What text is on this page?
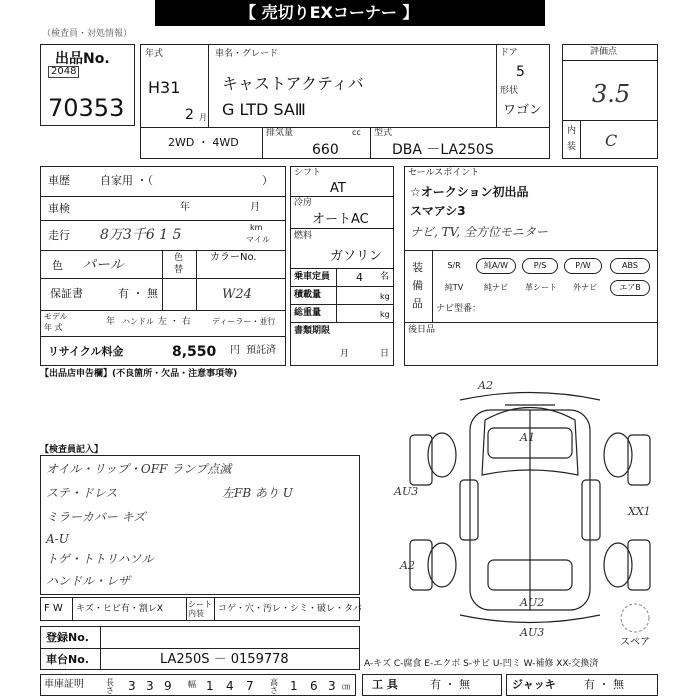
【 売切りEXコーナー 】
（検査員・対処情報）
出品No.
2048
70353
年式
H31
2 月
車名・グレード
キャストアクティバ
G LTD SAⅢ
ドア
5
形状
ワゴン
2WD ・ 4WD
排気量	cc
660
型式
DBA －LA250S
評価点
3.5
内
装 C
車歴	自家用 ・（	）
車検	年	月
走行 8万3千6 1 5	km
マイル
色 パール	色
替
カラーNo.
W24
保証書	有 ・ 無
モデル
年 式
年 ハンドル 左 ・ 右	ディーラー・並行
リサイクル料金	8,550 円 預託済
シフト
AT
冷房
オートAC
燃料
ガソリン
乗車定員 4 名
積載量	kg
総重量	kg
書類期限
月	日
セールスポイント
☆オークション初出品
スマアシ3
ナビ, TV, 全方位モニター
装
備
品
S/R	純A/W	P/S	P/W	ABS
純TV	純ナビ	革シート	外ナビ	エアB
ナビ型番：
後日品
【出品店申告欄】(不良箇所・欠品・注意事項等)
【検査員記入】
オイル・リップ・OFF ランプ点滅
ステ・ドレス
ミラーカバー キズ
A-U
トゲ・トトリハソル
ハンドル・レザ
左FB あり U
F W キズ・ヒビ有・割レX	シート内装	コゲ・穴・汚レ・シミ・破レ・タバ
A2
A1
AU3
XX1
A2
AU2
AU3
スペア
登録No.
車台No.	LA250S － 0159778	A-キズ C-腐食 E-エクボ S-サビ U-凹ミ W-補修 XX-交換済
車庫証明	長さ 3 3 9 幅 1 4 7 高さ 1 6 3 ㎝ 工 具	有 ・ 無	ジャッキ	有 ・ 無
